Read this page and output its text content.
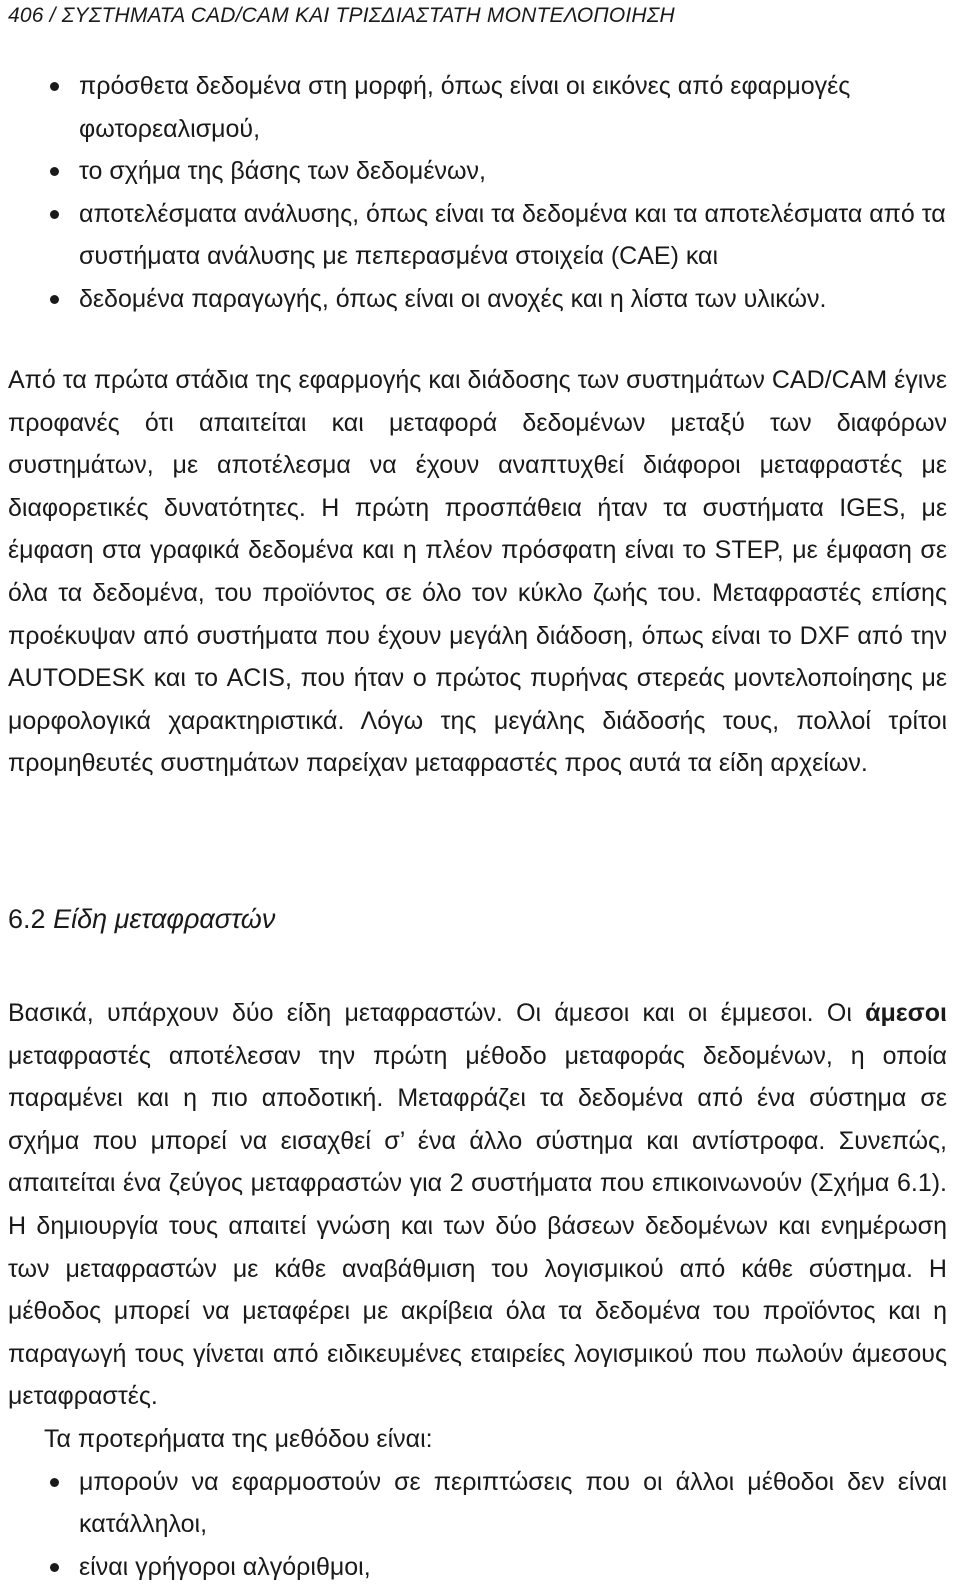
406 / ΣΥΣΤΗΜΑΤΑ CAD/CAM ΚΑΙ ΤΡΙΣΔΙΑΣΤΑΤΗ ΜΟΝΤΕΛΟΠΟΙΗΣΗ
πρόσθετα δεδομένα στη μορφή, όπως είναι οι εικόνες από εφαρμογές φωτορεαλισμού,
το σχήμα της βάσης των δεδομένων,
αποτελέσματα ανάλυσης, όπως είναι τα δεδομένα και τα αποτελέσματα από τα συστήματα ανάλυσης με πεπερασμένα στοιχεία (CAE) και
δεδομένα παραγωγής, όπως είναι οι ανοχές και η λίστα των υλικών.

Από τα πρώτα στάδια της εφαρμογής και διάδοσης των συστημάτων CAD/CAM έγινε προφανές ότι απαιτείται και μεταφορά δεδομένων μεταξύ των διαφόρων συστημάτων, με αποτέλεσμα να έχουν αναπτυχθεί διάφοροι μεταφραστές με διαφορετικές δυνατότητες. Η πρώτη προσπάθεια ήταν τα συστήματα IGES, με έμφαση στα γραφικά δεδομένα και η πλέον πρόσφατη είναι το STEP, με έμφαση σε όλα τα δεδομένα, του προϊόντος σε όλο τον κύκλο ζωής του. Μεταφραστές επίσης προέκυψαν από συστήματα που έχουν μεγάλη διάδοση, όπως είναι το DXF από την AUTODESK και το ACIS, που ήταν ο πρώτος πυρήνας στερεάς μοντελοποίησης με μορφολογικά χαρακτηριστικά. Λόγω της μεγάλης διάδοσής τους, πολλοί τρίτοι προμηθευτές συστημάτων παρείχαν μεταφραστές προς αυτά τα είδη αρχείων.

6.2 Είδη μεταφραστών

Βασικά, υπάρχουν δύο είδη μεταφραστών. Οι άμεσοι και οι έμμεσοι. Οι άμεσοι μεταφραστές αποτέλεσαν την πρώτη μέθοδο μεταφοράς δεδομένων, η οποία παραμένει και η πιο αποδοτική. Μεταφράζει τα δεδομένα από ένα σύστημα σε σχήμα που μπορεί να εισαχθεί σ’ ένα άλλο σύστημα και αντίστροφα. Συνεπώς, απαιτείται ένα ζεύγος μεταφραστών για 2 συστήματα που επικοινωνούν (Σχήμα 6.1). Η δημιουργία τους απαιτεί γνώση και των δύο βάσεων δεδομένων και ενημέρωση των μεταφραστών με κάθε αναβάθμιση του λογισμικού από κάθε σύστημα. Η μέθοδος μπορεί να μεταφέρει με ακρίβεια όλα τα δεδομένα του προϊόντος και η παραγωγή τους γίνεται από ειδικευμένες εταιρείες λογισμικού που πωλούν άμεσους μεταφραστές.

Τα προτερήματα της μεθόδου είναι:

μπορούν να εφαρμοστούν σε περιπτώσεις που οι άλλοι μέθοδοι δεν είναι κατάλληλοι,
είναι γρήγοροι αλγόριθμοι,
